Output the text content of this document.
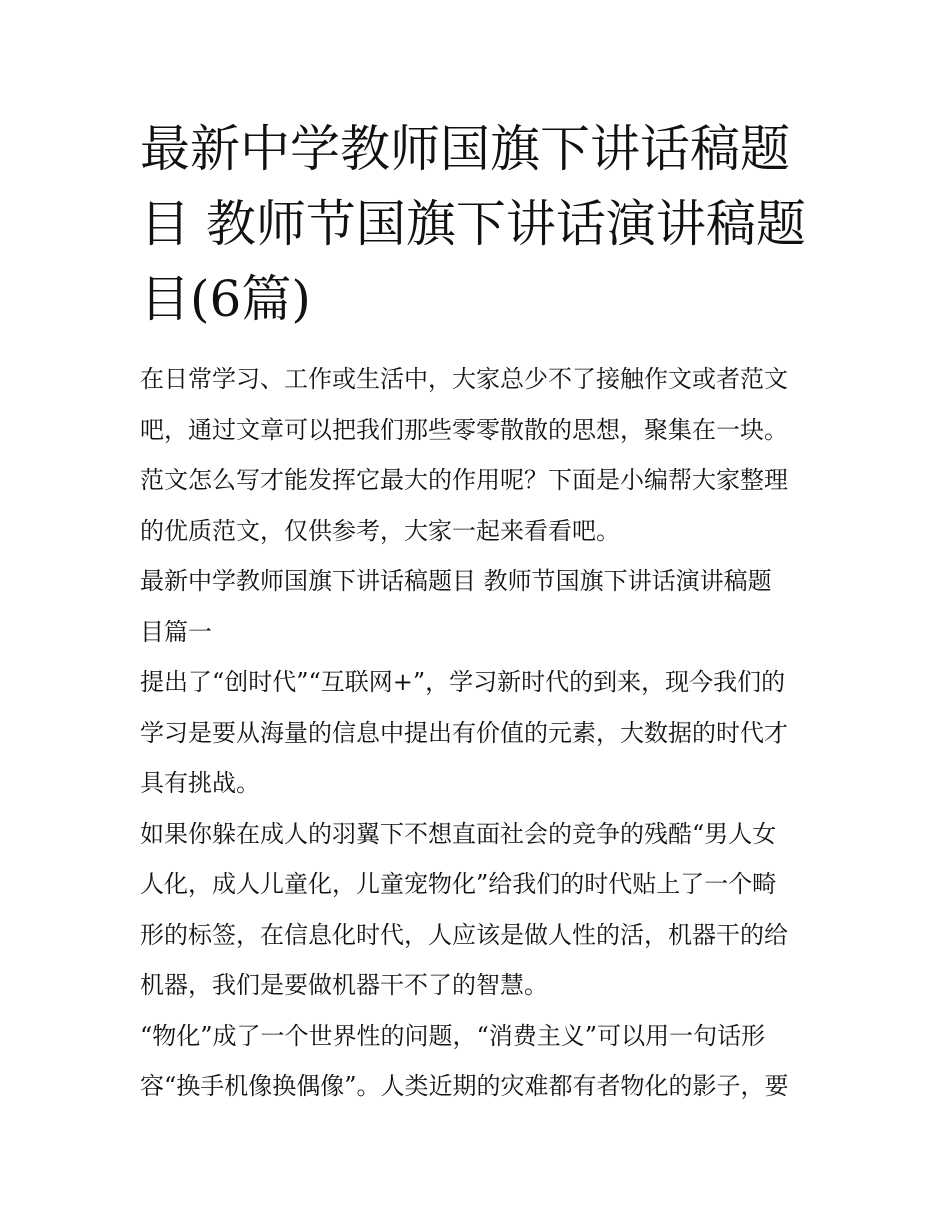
最新中学教师国旗下讲话稿题
目 教师节国旗下讲话演讲稿题
目(6篇)
在日常学习、工作或生活中，大家总少不了接触作文或者范文
吧，通过文章可以把我们那些零零散散的思想，聚集在一块。
范文怎么写才能发挥它最大的作用呢？下面是小编帮大家整理
的优质范文，仅供参考，大家一起来看看吧。
最新中学教师国旗下讲话稿题目 教师节国旗下讲话演讲稿题
目篇一
提出了“创时代”“互联网+”，学习新时代的到来，现今我们的
学习是要从海量的信息中提出有价值的元素，大数据的时代才
具有挑战。
如果你躲在成人的羽翼下不想直面社会的竞争的残酷“男人女
人化，成人儿童化，儿童宠物化”给我们的时代贴上了一个畸
形的标签，在信息化时代，人应该是做人性的活，机器干的给
机器，我们是要做机器干不了的智慧。
“物化”成了一个世界性的问题，“消费主义”可以用一句话形
容“换手机像换偶像”。人类近期的灾难都有者物化的影子，要
